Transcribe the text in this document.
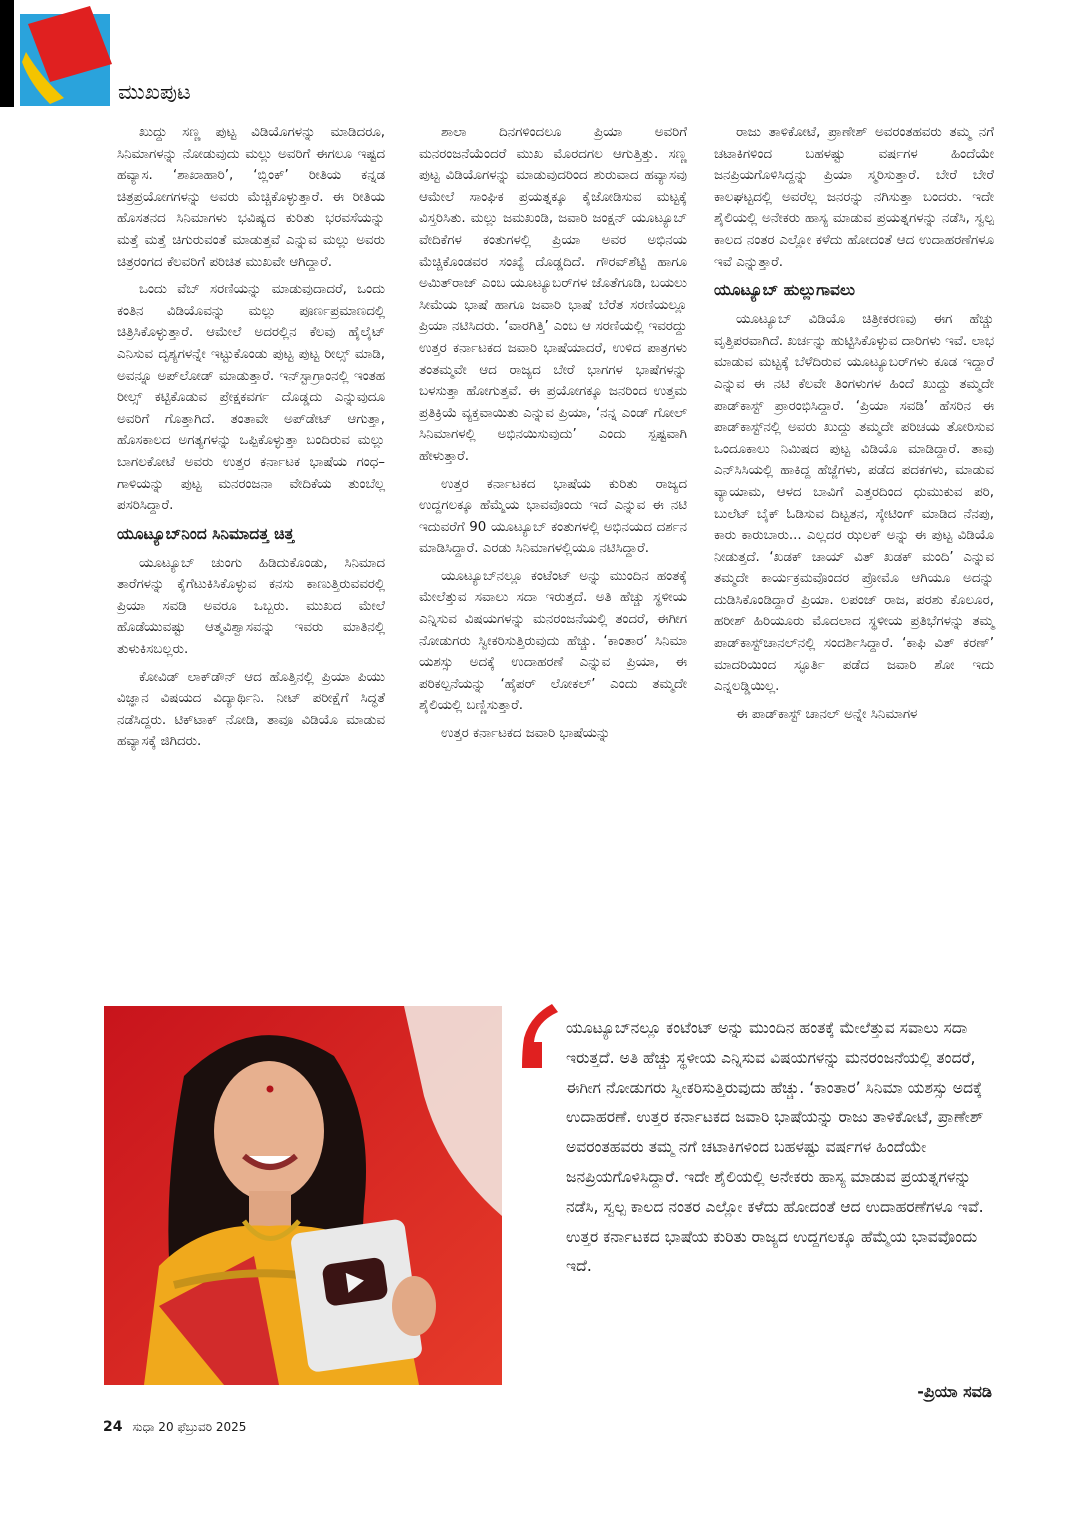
ಮುಖಪುಟ

ಖುದ್ದು ಸಣ್ಣ ಪುಟ್ಟ ವಿಡಿಯೊಗಳನ್ನು ಮಾಡಿದರೂ, ಸಿನಿಮಾಗಳನ್ನು ನೋಡುವುದು ಮಲ್ಲು ಅವರಿಗೆ ಈಗಲೂ ಇಷ್ಟದ ಹವ್ಯಾಸ. ‘ಶಾಖಾಹಾರಿ’, ‘ಬ್ಲಿಂಕ್’ ರೀತಿಯ ಕನ್ನಡ ಚಿತ್ರಪ್ರಯೋಗಗಳನ್ನು ಅವರು ಮೆಚ್ಚಿಕೊಳ್ಳುತ್ತಾರೆ. ಈ ರೀತಿಯ ಹೊಸತನದ ಸಿನಿಮಾಗಳು ಭವಿಷ್ಯದ ಕುರಿತು ಭರವಸೆಯನ್ನು ಮತ್ತೆ ಮತ್ತೆ ಚಿಗುರುವಂತೆ ಮಾಡುತ್ತವೆ ಎನ್ನುವ ಮಲ್ಲು ಅವರು ಚಿತ್ರರಂಗದ ಕೆಲವರಿಗೆ ಪರಿಚಿತ ಮುಖವೇ ಆಗಿದ್ದಾರೆ.

ಒಂದು ವೆಬ್ ಸರಣಿಯನ್ನು ಮಾಡುವುದಾದರೆ, ಒಂದು ಕಂತಿನ ವಿಡಿಯೊವನ್ನು ಮಲ್ಲು ಪೂರ್ಣಪ್ರಮಾಣದಲ್ಲಿ ಚಿತ್ರಿಸಿಕೊಳ್ಳುತ್ತಾರೆ. ಆಮೇಲೆ ಅದರಲ್ಲಿನ ಕೆಲವು ಹೈಲೈಟ್ ಎನಿಸುವ ದೃಶ್ಯಗಳನ್ನೇ ಇಟ್ಟುಕೊಂಡು ಪುಟ್ಟ ಪುಟ್ಟ ರೀಲ್ಸ್ ಮಾಡಿ, ಅವನ್ನೂ ಅಪ್‌ಲೋಡ್ ಮಾಡುತ್ತಾರೆ. ಇನ್‌ಸ್ಟಾಗ್ರಾಂನಲ್ಲಿ ಇಂತಹ ರೀಲ್ಸ್ ಕಟ್ಟಿಕೊಡುವ ಪ್ರೇಕ್ಷಕವರ್ಗ ದೊಡ್ಡದು ಎನ್ನುವುದೂ ಅವರಿಗೆ ಗೊತ್ತಾಗಿದೆ. ತಂತಾವೇ ಅಪ್‌ಡೇಟ್ ಆಗುತ್ತಾ, ಹೊಸಕಾಲದ ಅಗತ್ಯಗಳನ್ನು ಒಪ್ಪಿಕೊಳ್ಳುತ್ತಾ ಬಂದಿರುವ ಮಲ್ಲು ಬಾಗಲಕೋಟೆ ಅವರು ಉತ್ತರ ಕರ್ನಾಟಕ ಭಾಷೆಯ ಗಂಧ–ಗಾಳಿಯನ್ನು ಪುಟ್ಟ ಮನರಂಜನಾ ವೇದಿಕೆಯ ತುಂಬೆಲ್ಲ ಪಸರಿಸಿದ್ದಾರೆ.

ಯೂಟ್ಯೂಬ್‌ನಿಂದ ಸಿನಿಮಾದತ್ತ ಚಿತ್ತ

ಯೂಟ್ಯೂಬ್ ಚುಂಗು ಹಿಡಿದುಕೊಂಡು, ಸಿನಿಮಾದ ತಾರೆಗಳನ್ನು ಕೈಗೆಟುಕಿಸಿಕೊಳ್ಳುವ ಕನಸು ಕಾಣುತ್ತಿರುವವರಲ್ಲಿ ಪ್ರಿಯಾ ಸವಡಿ ಅವರೂ ಒಬ್ಬರು. ಮುಖದ ಮೇಲೆ ಹೊಡೆಯುವಷ್ಟು ಆತ್ಮವಿಶ್ವಾಸವನ್ನು ಇವರು ಮಾತಿನಲ್ಲಿ ತುಳುಕಿಸಬಲ್ಲರು.

ಕೋವಿಡ್ ಲಾಕ್‌ಡೌನ್ ಆದ ಹೊತ್ತಿನಲ್ಲಿ ಪ್ರಿಯಾ ಪಿಯು ವಿಜ್ಞಾನ ವಿಷಯದ ವಿದ್ಯಾರ್ಥಿನಿ. ನೀಟ್ ಪರೀಕ್ಷೆಗೆ ಸಿದ್ಧತೆ ನಡೆಸಿದ್ದರು. ಟಿಕ್‌ಟಾಕ್ ನೋಡಿ, ತಾವೂ ವಿಡಿಯೊ ಮಾಡುವ ಹವ್ಯಾಸಕ್ಕೆ ಜಿಗಿದರು.

ಶಾಲಾ ದಿನಗಳಿಂದಲೂ ಪ್ರಿಯಾ ಅವರಿಗೆ ಮನರಂಜನೆಯೆಂದರೆ ಮುಖ ಮೊರದಗಲ ಆಗುತ್ತಿತ್ತು. ಸಣ್ಣ ಪುಟ್ಟ ವಿಡಿಯೊಗಳನ್ನು ಮಾಡುವುದರಿಂದ ಶುರುವಾದ ಹವ್ಯಾಸವು ಆಮೇಲೆ ಸಾಂಘಿಕ ಪ್ರಯತ್ನಕ್ಕೂ ಕೈಜೋಡಿಸುವ ಮಟ್ಟಕ್ಕೆ ವಿಸ್ತರಿಸಿತು. ಮಲ್ಲು ಜಮಖಂಡಿ, ಜವಾರಿ ಜಂಕ್ಷನ್ ಯೂಟ್ಯೂಬ್ ವೇದಿಕೆಗಳ ಕಂತುಗಳಲ್ಲಿ ಪ್ರಿಯಾ ಅವರ ಅಭಿನಯ ಮೆಚ್ಚಿಕೊಂಡವರ ಸಂಖ್ಯೆ ದೊಡ್ಡದಿದೆ. ಗೌರವ್‌ಶೆಟ್ಟಿ ಹಾಗೂ ಅಮಿತ್‌ರಾಜ್ ಎಂಬ ಯೂಟ್ಯೂಬರ್‌ಗಳ ಜೊತೆಗೂಡಿ, ಬಯಲು ಸೀಮೆಯ ಭಾಷೆ ಹಾಗೂ ಜವಾರಿ ಭಾಷೆ ಬೆರೆತ ಸರಣಿಯಲ್ಲೂ ಪ್ರಿಯಾ ನಟಿಸಿದರು. ‘ವಾರಗಿತ್ತಿ’ ಎಂಬ ಆ ಸರಣಿಯಲ್ಲಿ ಇವರದ್ದು ಉತ್ತರ ಕರ್ನಾಟಕದ ಜವಾರಿ ಭಾಷೆಯಾದರೆ, ಉಳಿದ ಪಾತ್ರಗಳು ತಂತಮ್ಮವೇ ಆದ ರಾಜ್ಯದ ಬೇರೆ ಭಾಗಗಳ ಭಾಷೆಗಳನ್ನು ಬಳಸುತ್ತಾ ಹೋಗುತ್ತವೆ. ಈ ಪ್ರಯೋಗಕ್ಕೂ ಜನರಿಂದ ಉತ್ತಮ ಪ್ರತಿಕ್ರಿಯೆ ವ್ಯಕ್ತವಾಯಿತು ಎನ್ನುವ ಪ್ರಿಯಾ, ‘ನನ್ನ ಎಂಡ್ ಗೋಲ್ ಸಿನಿಮಾಗಳಲ್ಲಿ ಅಭಿನಯಿಸುವುದು’ ಎಂದು ಸ್ಪಷ್ಟವಾಗಿ ಹೇಳುತ್ತಾರೆ.

ಉತ್ತರ ಕರ್ನಾಟಕದ ಭಾಷೆಯ ಕುರಿತು ರಾಜ್ಯದ ಉದ್ದಗಲಕ್ಕೂ ಹೆಮ್ಮೆಯ ಭಾವವೊಂದು ಇದೆ ಎನ್ನುವ ಈ ನಟಿ ಇದುವರೆಗೆ 90 ಯೂಟ್ಯೂಬ್ ಕಂತುಗಳಲ್ಲಿ ಅಭಿನಯದ ದರ್ಶನ ಮಾಡಿಸಿದ್ದಾರೆ. ಎರಡು ಸಿನಿಮಾಗಳಲ್ಲಿಯೂ ನಟಿಸಿದ್ದಾರೆ.

ಯೂಟ್ಯೂಬ್‌ನಲ್ಲೂ ಕಂಟೆಂಟ್ ಅನ್ನು ಮುಂದಿನ ಹಂತಕ್ಕೆ ಮೇಲೆತ್ತುವ ಸವಾಲು ಸದಾ ಇರುತ್ತದೆ. ಅತಿ ಹೆಚ್ಚು ಸ್ಥಳೀಯ ಎನ್ನಿಸುವ ವಿಷಯಗಳನ್ನು ಮನರಂಜನೆಯಲ್ಲಿ ತಂದರೆ, ಈಗೀಗ ನೋಡುಗರು ಸ್ವೀಕರಿಸುತ್ತಿರುವುದು ಹೆಚ್ಚು. ‘ಕಾಂತಾರ’ ಸಿನಿಮಾ ಯಶಸ್ಸು ಅದಕ್ಕೆ ಉದಾಹರಣೆ ಎನ್ನುವ ಪ್ರಿಯಾ, ಈ ಪರಿಕಲ್ಪನೆಯನ್ನು ‘ಹೈಪರ್ ಲೋಕಲ್’ ಎಂದು ತಮ್ಮದೇ ಶೈಲಿಯಲ್ಲಿ ಬಣ್ಣಿಸುತ್ತಾರೆ.

ಉತ್ತರ ಕರ್ನಾಟಕದ ಜವಾರಿ ಭಾಷೆಯನ್ನು

ರಾಜು ತಾಳಿಕೋಟೆ, ಪ್ರಾಣೇಶ್ ಅವರಂತಹವರು ತಮ್ಮ ನಗೆ ಚಟಾಕಿಗಳಿಂದ ಬಹಳಷ್ಟು ವರ್ಷಗಳ ಹಿಂದೆಯೇ ಜನಪ್ರಿಯಗೊಳಿಸಿದ್ದನ್ನು ಪ್ರಿಯಾ ಸ್ಮರಿಸುತ್ತಾರೆ. ಬೇರೆ ಬೇರೆ ಕಾಲಘಟ್ಟದಲ್ಲಿ ಅವರೆಲ್ಲ ಜನರನ್ನು ನಗಿಸುತ್ತಾ ಬಂದರು. ಇದೇ ಶೈಲಿಯಲ್ಲಿ ಅನೇಕರು ಹಾಸ್ಯ ಮಾಡುವ ಪ್ರಯತ್ನಗಳನ್ನು ನಡೆಸಿ, ಸ್ವಲ್ಪ ಕಾಲದ ನಂತರ ಎಲ್ಲೋ ಕಳೆದು ಹೋದಂತೆ ಆದ ಉದಾಹರಣೆಗಳೂ ಇವೆ ಎನ್ನುತ್ತಾರೆ.

ಯೂಟ್ಯೂಬ್ ಹುಲ್ಲುಗಾವಲು

ಯೂಟ್ಯೂಬ್ ವಿಡಿಯೊ ಚಿತ್ರೀಕರಣವು ಈಗ ಹೆಚ್ಚು ವೃತ್ತಿಪರವಾಗಿದೆ. ಖರ್ಚನ್ನು ಹುಟ್ಟಿಸಿಕೊಳ್ಳುವ ದಾರಿಗಳು ಇವೆ. ಲಾಭ ಮಾಡುವ ಮಟ್ಟಕ್ಕೆ ಬೆಳೆದಿರುವ ಯೂಟ್ಯೂಬರ್‌ಗಳು ಕೂಡ ಇದ್ದಾರೆ ಎನ್ನುವ ಈ ನಟಿ ಕೆಲವೇ ತಿಂಗಳುಗಳ ಹಿಂದೆ ಖುದ್ದು ತಮ್ಮದೇ ಪಾಡ್‌ಕಾಸ್ಟ್ ಪ್ರಾರಂಭಿಸಿದ್ದಾರೆ. ‘ಪ್ರಿಯಾ ಸವಡಿ’ ಹೆಸರಿನ ಈ ಪಾಡ್‌ಕಾಸ್ಟ್‌ನಲ್ಲಿ ಅವರು ಖುದ್ದು ತಮ್ಮದೇ ಪರಿಚಯ ತೋರಿಸುವ ಒಂದೂಕಾಲು ನಿಮಿಷದ ಪುಟ್ಟ ವಿಡಿಯೊ ಮಾಡಿದ್ದಾರೆ. ತಾವು ಎನ್‌ಸಿಸಿಯಲ್ಲಿ ಹಾಕಿದ್ದ ಹೆಜ್ಜೆಗಳು, ಪಡೆದ ಪದಕಗಳು, ಮಾಡುವ ವ್ಯಾಯಾಮ, ಆಳದ ಬಾವಿಗೆ ಎತ್ತರದಿಂದ ಧುಮುಕುವ ಪರಿ, ಬುಲೆಟ್ ಬೈಕ್ ಓಡಿಸುವ ದಿಟ್ಟತನ, ಸ್ಕೇಟಿಂಗ್ ಮಾಡಿದ ನೆನಪು, ಕಾರು ಕಾರುಬಾರು... ಎಲ್ಲದರ ಝಲಕ್ ಅನ್ನು ಈ ಪುಟ್ಟ ವಿಡಿಯೊ ನೀಡುತ್ತದೆ. ‘ಖಡಕ್ ಚಾಯ್ ವಿತ್ ಖಡಕ್ ಮಂದಿ’ ಎನ್ನುವ ತಮ್ಮದೇ ಕಾರ್ಯಕ್ರಮವೊಂದರ ಪ್ರೋಮೊ ಆಗಿಯೂ ಅದನ್ನು ದುಡಿಸಿಕೊಂಡಿದ್ದಾರೆ ಪ್ರಿಯಾ. ಲಪಂಜ್ ರಾಜ, ಪರಶು ಕೊಲೂರ, ಹರೀಶ್ ಹಿರಿಯೂರು ಮೊದಲಾದ ಸ್ಥಳೀಯ ಪ್ರತಿಭೆಗಳನ್ನು ತಮ್ಮ ಪಾಡ್‌ಕಾಸ್ಟ್‌ಚಾನಲ್‌ನಲ್ಲಿ ಸಂದರ್ಶಿಸಿದ್ದಾರೆ. ‘ಕಾಫಿ ವಿತ್ ಕರಣ್’ ಮಾದರಿಯಿಂದ ಸ್ಫೂರ್ತಿ ಪಡೆದ ಜವಾರಿ ಶೋ ಇದು ಎನ್ನಲಡ್ಡಿಯಿಲ್ಲ.

ಈ ಪಾಡ್‌ಕಾಸ್ಟ್ ಚಾನಲ್ ಅನ್ನೇ ಸಿನಿಮಾಗಳ

ಯೂಟ್ಯೂಬ್‌ನಲ್ಲೂ ಕಂಟೆಂಟ್ ಅನ್ನು ಮುಂದಿನ ಹಂತಕ್ಕೆ ಮೇಲೆತ್ತುವ ಸವಾಲು ಸದಾ ಇರುತ್ತದೆ. ಅತಿ ಹೆಚ್ಚು ಸ್ಥಳೀಯ ಎನ್ನಿಸುವ ವಿಷಯಗಳನ್ನು ಮನರಂಜನೆಯಲ್ಲಿ ತಂದರೆ, ಈಗೀಗ ನೋಡುಗರು ಸ್ವೀಕರಿಸುತ್ತಿರುವುದು ಹೆಚ್ಚು. ‘ಕಾಂತಾರ’ ಸಿನಿಮಾ ಯಶಸ್ಸು ಅದಕ್ಕೆ ಉದಾಹರಣೆ. ಉತ್ತರ ಕರ್ನಾಟಕದ ಜವಾರಿ ಭಾಷೆಯನ್ನು ರಾಜು ತಾಳಿಕೋಟೆ, ಪ್ರಾಣೇಶ್ ಅವರಂತಹವರು ತಮ್ಮ ನಗೆ ಚಟಾಕಿಗಳಿಂದ ಬಹಳಷ್ಟು ವರ್ಷಗಳ ಹಿಂದೆಯೇ ಜನಪ್ರಿಯಗೊಳಿಸಿದ್ದಾರೆ. ಇದೇ ಶೈಲಿಯಲ್ಲಿ ಅನೇಕರು ಹಾಸ್ಯ ಮಾಡುವ ಪ್ರಯತ್ನಗಳನ್ನು ನಡೆಸಿ, ಸ್ವಲ್ಪ ಕಾಲದ ನಂತರ ಎಲ್ಲೋ ಕಳೆದು ಹೋದಂತೆ ಆದ ಉದಾಹರಣೆಗಳೂ ಇವೆ. ಉತ್ತರ ಕರ್ನಾಟಕದ ಭಾಷೆಯ ಕುರಿತು ರಾಜ್ಯದ ಉದ್ದಗಲಕ್ಕೂ ಹೆಮ್ಮೆಯ ಭಾವವೊಂದು ಇದೆ.
-ಪ್ರಿಯಾ ಸವಡಿ
24 ಸುಧಾ 20 ಫೆಬ್ರುವರಿ 2025
